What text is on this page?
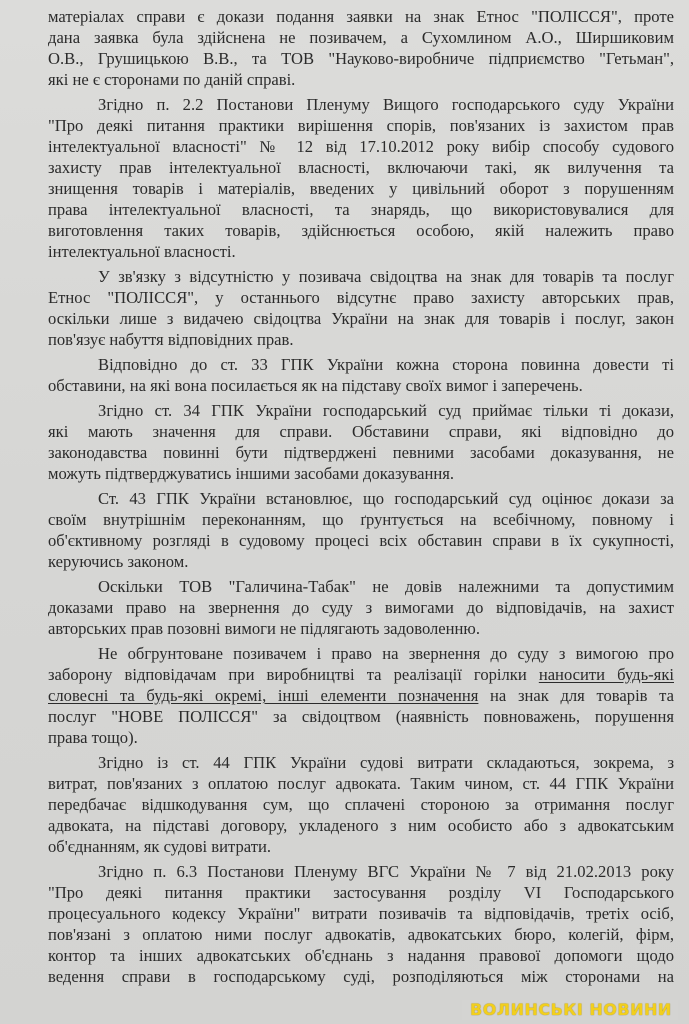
матеріалах справи є докази подання заявки на знак Етнос "ПОЛІССЯ", проте
дана заявка була здійснена не позивачем, а Сухомлином А.О., Ширшиковим
О.В., Грушицькою В.В., та ТОВ "Науково-виробниче підприємство "Гетьман",
які не є сторонами по даній справі.
Згідно п. 2.2 Постанови Пленуму Вищого господарського суду України
"Про деякі питання практики вирішення спорів, пов'язаних із захистом прав
інтелектуальної власності" № 12 від 17.10.2012 року вибір способу судового
захисту прав інтелектуальної власності, включаючи такі, як вилучення та
знищення товарів і матеріалів, введених у цивільний оборот з порушенням
права інтелектуальної власності, та знарядь, що використовувалися для
виготовлення таких товарів, здійснюється особою, якій належить право
інтелектуальної власності.
У зв'язку з відсутністю у позивача свідоцтва на знак для товарів та послуг
Етнос "ПОЛІССЯ", у останнього відсутнє право захисту авторських прав,
оскільки лише з видачею свідоцтва України на знак для товарів і послуг, закон
пов'язує набуття відповідних прав.
Відповідно до ст. 33 ГПК України кожна сторона повинна довести ті
обставини, на які вона посилається як на підставу своїх вимог і заперечень.
Згідно ст. 34 ГПК України господарський суд приймає тільки ті докази,
які мають значення для справи. Обставини справи, які відповідно до
законодавства повинні бути підтверджені певними засобами доказування, не
можуть підтверджуватись іншими засобами доказування.
Ст. 43 ГПК України встановлює, що господарський суд оцінює докази за
своїм внутрішнім переконанням, що ґрунтується на всебічному, повному і
об'єктивному розгляді в судовому процесі всіх обставин справи в їх сукупності,
керуючись законом.
Оскільки ТОВ "Галичина-Табак" не довів належними та допустимим
доказами право на звернення до суду з вимогами до відповідачів, на захист
авторських прав позовні вимоги не підлягають задоволенню.
Не обгрунтоване позивачем і право на звернення до суду з вимогою про
заборону відповідачам при виробництві та реалізації горілки наносити будь-які
словесні та будь-які окремі, інші елементи позначення на знак для товарів та
послуг "НОВЕ ПОЛІССЯ" за свідоцтвом (наявність повноважень, порушення
права тощо).
Згідно із ст. 44 ГПК України судові витрати складаються, зокрема, з
витрат, пов'язаних з оплатою послуг адвоката. Таким чином, ст. 44 ГПК України
передбачає відшкодування сум, що сплачені стороною за отримання послуг
адвоката, на підставі договору, укладеного з ним особисто або з адвокатським
об'єднанням, як судові витрати.
Згідно п. 6.3 Постанови Пленуму ВГС України № 7 від 21.02.2013 року
"Про деякі питання практики застосування розділу VI Господарського
процесуального кодексу України" витрати позивачів та відповідачів, третіх осіб,
пов'язані з оплатою ними послуг адвокатів, адвокатських бюро, колегій, фірм,
контор та інших адвокатських об'єднань з надання правової допомоги щодо
ведення справи в господарському суді, розподіляються між сторонами на
ВОЛИНСЬКІ НОВИНИ
